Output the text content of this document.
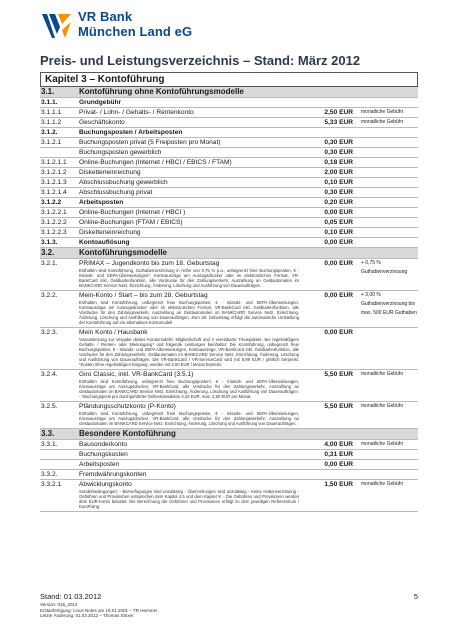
VR Bank
München Land eG
Preis- und Leistungsverzeichnis – Stand: März 2012
Kapitel 3 – Kontoführung
3.1.	Kontoführung ohne Kontoführungsmodelle
3.1.1.	Grundgebühr
3.1.1.1	Privat- / Lohn- / Gehalts- / Rentenkonto	2,50 EUR	monatliche Gebühr
3.1.1.2	Geschäftskonto	5,33 EUR	monatliche Gebühr
3.1.2.	Buchungsposten / Arbeitsposten
3.1.2.1	Buchungsposten privat (5 Freiposten pro Monat)	0,30 EUR
Buchungsposten gewerblich	0,30 EUR
3.1.2.1.1	Online-Buchungen (Internet / HBCI / EBICS / FTAM)	0,18 EUR
3.1.2.1.2	Disketteneinreichung	2,00 EUR
3.1.2.1.3	Abschlussbuchung gewerblich	0,10 EUR
3.1.2.1.4	Abschlussbuchung privat	0,30 EUR
3.1.2.2	Arbeitsposten	0,20 EUR
3.1.2.2.1	Online-Buchungen (Internet / HBCI )	0,00 EUR
3.1.2.2.2	Online-Buchungen (FTAM / EBICS)	0,05 EUR
3.1.2.2.3	Disketteneinreichung	0,10 EUR
3.1.3.	Kontoauflösung	0,00 EUR
3.2.	Kontoführungsmodelle
3.2.1.	PRIMAX – Jugendkonto bis zum 18. Geburtstag
Enthalten sind Kontoführung, Guthabenverzinsung in Höhe von 0,75 % p.a., unbegrenzt freie Buchungsposten, € - Inlands- und SEPA-Überweisungen*, Kontoauszüge am Auszugsdrucker oder im elektronischen Format, VR-BankCard inkl. Geldkartenfunktion, alle Vordrucke für den Zahlungsverkehr, Auszahlung an Geldautomaten im BANKCARD Service Netz, Einrichtung, Änderung, Löschung und Ausführung von Daueraufträgen.
0,00 EUR	+ 0,75 % Guthabenverzinsung
3.2.2.	Mein-Konto / Start – bis zum 28. Geburtstag
Enthalten sind Kontoführung, unbegrenzt freie Buchungsposten, € - Inlands- und SEPA-Überweisungen, Kontoauszüge am Auszugsdrucker oder im elektronischen Format, VR-BankCard inkl. Geldkartenfunktion, alle Vordrucke für den Zahlungsverkehr, Auszahlung an Geldautomaten im BANKCARD Service Netz, Einrichtung, Änderung, Löschung und Ausführung von Daueraufträgen. Zum 28. Geburtstag erfolgt die automatische Umstellung der Kontoführung auf ein alternatives Kontomodell.
0,00 EUR	+ 3,00 % Guthabenverzinsung bis max. 500 EUR Guthaben
3.2.3.	Mein Konto / Hausbank
Voraussetzung zur Vergabe dieses Kontomodells: Mitgliedschaft und 4 vereinbarte Treuepakete. Bei regelmäßigem Gehalts- / Renten- oder Mieteingang* und folgende Leistungen beinhaltet: Die Kontoführung, unbegrenzt freie Buchungsposten, € - Inlands- und SEPA-Überweisungen, Kontoauszüge, VR-BankCard inkl. Geldkartenfunktion, alle Vordrucke für den Zahlungsverkehr, Geldautomaten im BANKCARD Service Netz, Einrichtung, Änderung, Löschung und Ausführung von Daueraufträgen. Die VR-BankCard / VR-ServiceCard wird mit 8,99 EUR / jährlich berpreist. *Kosten ohne regelmäßigen Eingang, werden mit 3,00 EUR / Monat bepreist.
0,00 EUR
3.2.4.	Giro Classic, inkl. VR-BankCard (3.5.1)
Enthalten sind Kontoführung, unbegrenzt freie Buchungsposten*, € - Inlands- und SEPA-Überweisungen, Kontoauszüge am Auszugsdrucker, VR-BankCard, alle Vordrucke für den Zahlungsverkehr, Auszahlung an Geldautomaten im BANKCARD Service Netz, Einrichtung, Änderung, Löschung und Ausführung von Daueraufträgen. - *Buchungspreis pro durchgeführter Onlinetransaktion 0,25 EUR, max. 2,50 EUR pro Monat.
5,50 EUR	monatliche Gebühr
3.2.5.	Pfändungsschutzkonto (P-Konto)
Enthalten sind Kontoführung, unbegrenzt freie Buchungsposten, € - Inlands- und SEPA-Überweisungen, Kontoauszüge am Auszugsdrucker, VR-BankCard, alle Vordrucke für den Zahlungsverkehr, Auszahlung an Geldautomaten im BANKCARD Service Netz, Einrichtung, Änderung, Löschung und Ausführung von Daueraufträgen.
5,50 EUR	monatliche Gebühr
3.3.	Besondere Kontoführung
3.3.1.	Bausonderkonto	4,00 EUR	monatliche Gebühr
Buchungskosten	0,31 EUR
Arbeitsposten	0,00 EUR
3.3.2.	Fremdwährungskonten
3.3.2.1	Abwicklungskonto
Sonderbedingungen: - Barverfügungen sind unzulässig - Überziehungen sind unzulässig - Keine Habenverzinsung - Gebühren und Provisionen entsprechen dem Kapitel 4.5 und dem Kapitel 9. - Die Gebühren und Provisionen werden dem EUR-Konto belastet. Die Berechnung der Gebühren und Provisionen erfolgt zu dem jeweiligen Referenzkurs / EuroFixing.
1,50 EUR	monatliche Gebühr
Stand: 01.03.2012	5
Version: 016_2012
Erstanfertigung: Linus Notes am 19.01.2001 – TR Hemmer
Letzte Änderung: 01.03.2012 – Thomas Strixer
